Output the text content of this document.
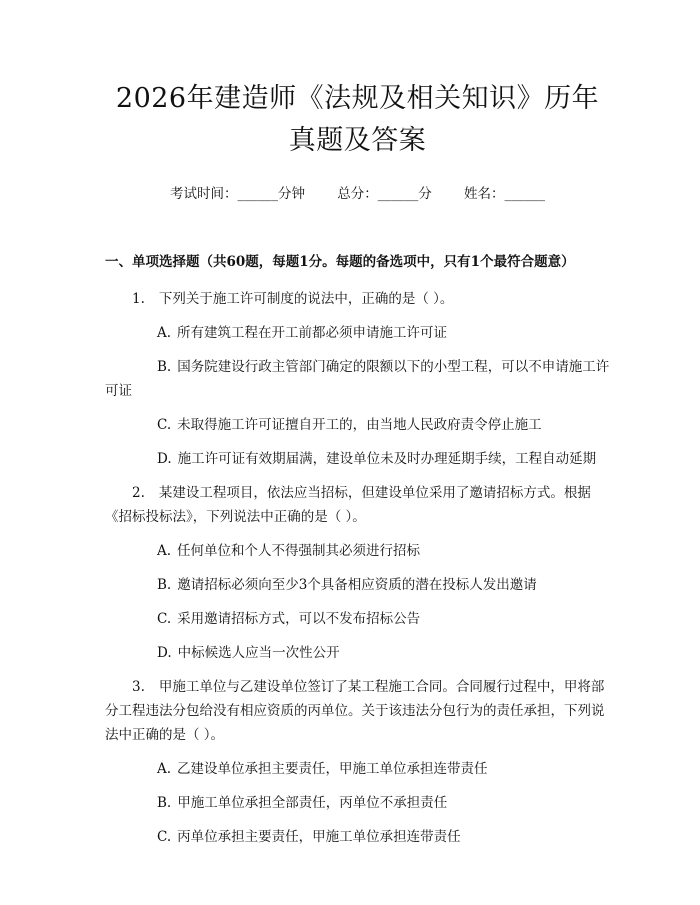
2026年建造师《法规及相关知识》历年真题及答案
考试时间：______分钟 总分：______分 姓名：______
一、单项选择题（共60题，每题1分。每题的备选项中，只有1个最符合题意）

1. 下列关于施工许可制度的说法中，正确的是（ ）。

A. 所有建筑工程在开工前都必须申请施工许可证

B. 国务院建设行政主管部门确定的限额以下的小型工程，可以不申请施工许可证

C. 未取得施工许可证擅自开工的，由当地人民政府责令停止施工

D. 施工许可证有效期届满，建设单位未及时办理延期手续，工程自动延期

2. 某建设工程项目，依法应当招标，但建设单位采用了邀请招标方式。根据《招标投标法》，下列说法中正确的是（ ）。

A. 任何单位和个人不得强制其必须进行招标

B. 邀请招标必须向至少3个具备相应资质的潜在投标人发出邀请

C. 采用邀请招标方式，可以不发布招标公告

D. 中标候选人应当一次性公开

3. 甲施工单位与乙建设单位签订了某工程施工合同。合同履行过程中，甲将部分工程违法分包给没有相应资质的丙单位。关于该违法分包行为的责任承担，下列说法中正确的是（ ）。

A. 乙建设单位承担主要责任，甲施工单位承担连带责任

B. 甲施工单位承担全部责任，丙单位不承担责任

C. 丙单位承担主要责任，甲施工单位承担连带责任
